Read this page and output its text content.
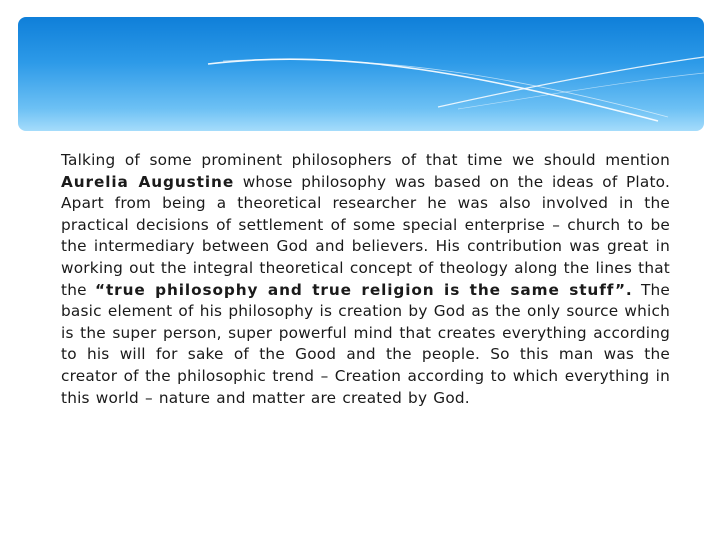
Talking of some prominent philosophers of that time we should mention Aurelia Augustine whose philosophy was based on the ideas of Plato. Apart from being a theoretical researcher he was also involved in the practical decisions of settlement of some special enterprise – church to be the intermediary between God and believers. His contribution was great in working out the integral theoretical concept of theology along the lines that the “true philosophy and true religion is the same stuff”. The basic element of his philosophy is creation by God as the only source which is the super person, super powerful mind that creates everything according to his will for sake of the Good and the people. So this man was the creator of the philosophic trend – Creation according to which everything in this world – nature and matter are created by God.
